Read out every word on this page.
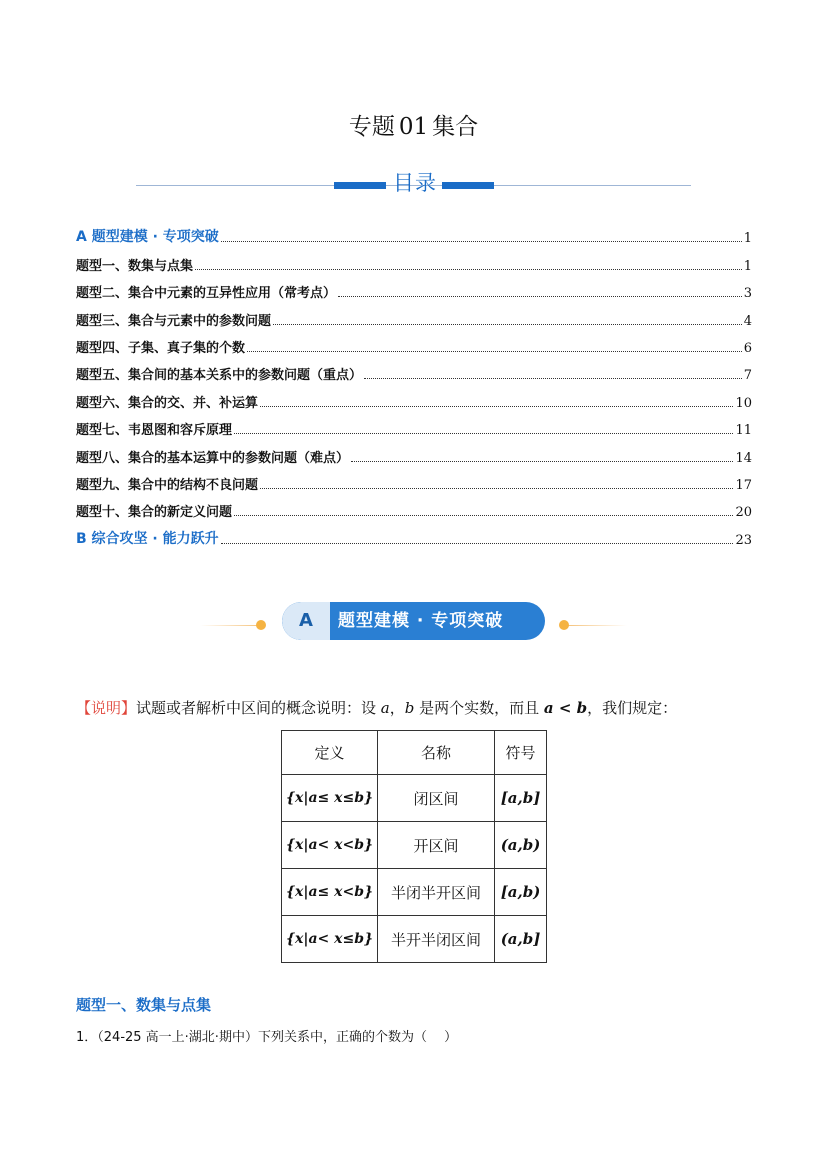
专题 01 集合
目录
A 题型建模 · 专项突破	1
题型一、数集与点集	1
题型二、集合中元素的互异性应用（常考点）	3
题型三、集合与元素中的参数问题	4
题型四、子集、真子集的个数	6
题型五、集合间的基本关系中的参数问题（重点）	7
题型六、集合的交、并、补运算	10
题型七、韦恩图和容斥原理	11
题型八、集合的基本运算中的参数问题（难点）	14
题型九、集合中的结构不良问题	17
题型十、集合的新定义问题	20
B 综合攻坚 · 能力跃升	23
A	题型建模 · 专项突破
【说明】试题或者解析中区间的概念说明：设 a，b 是两个实数，而且 a < b，我们规定：
定义	名称	符号
{x|a≤ x≤b}	闭区间	[a,b]
{x|a< x<b}	开区间	(a,b)
{x|a≤ x<b}	半闭半开区间	[a,b)
{x|a< x≤b}	半开半闭区间	(a,b]
题型一、数集与点集
1．（24-25 高一上·湖北·期中）下列关系中，正确的个数为（　 ）
